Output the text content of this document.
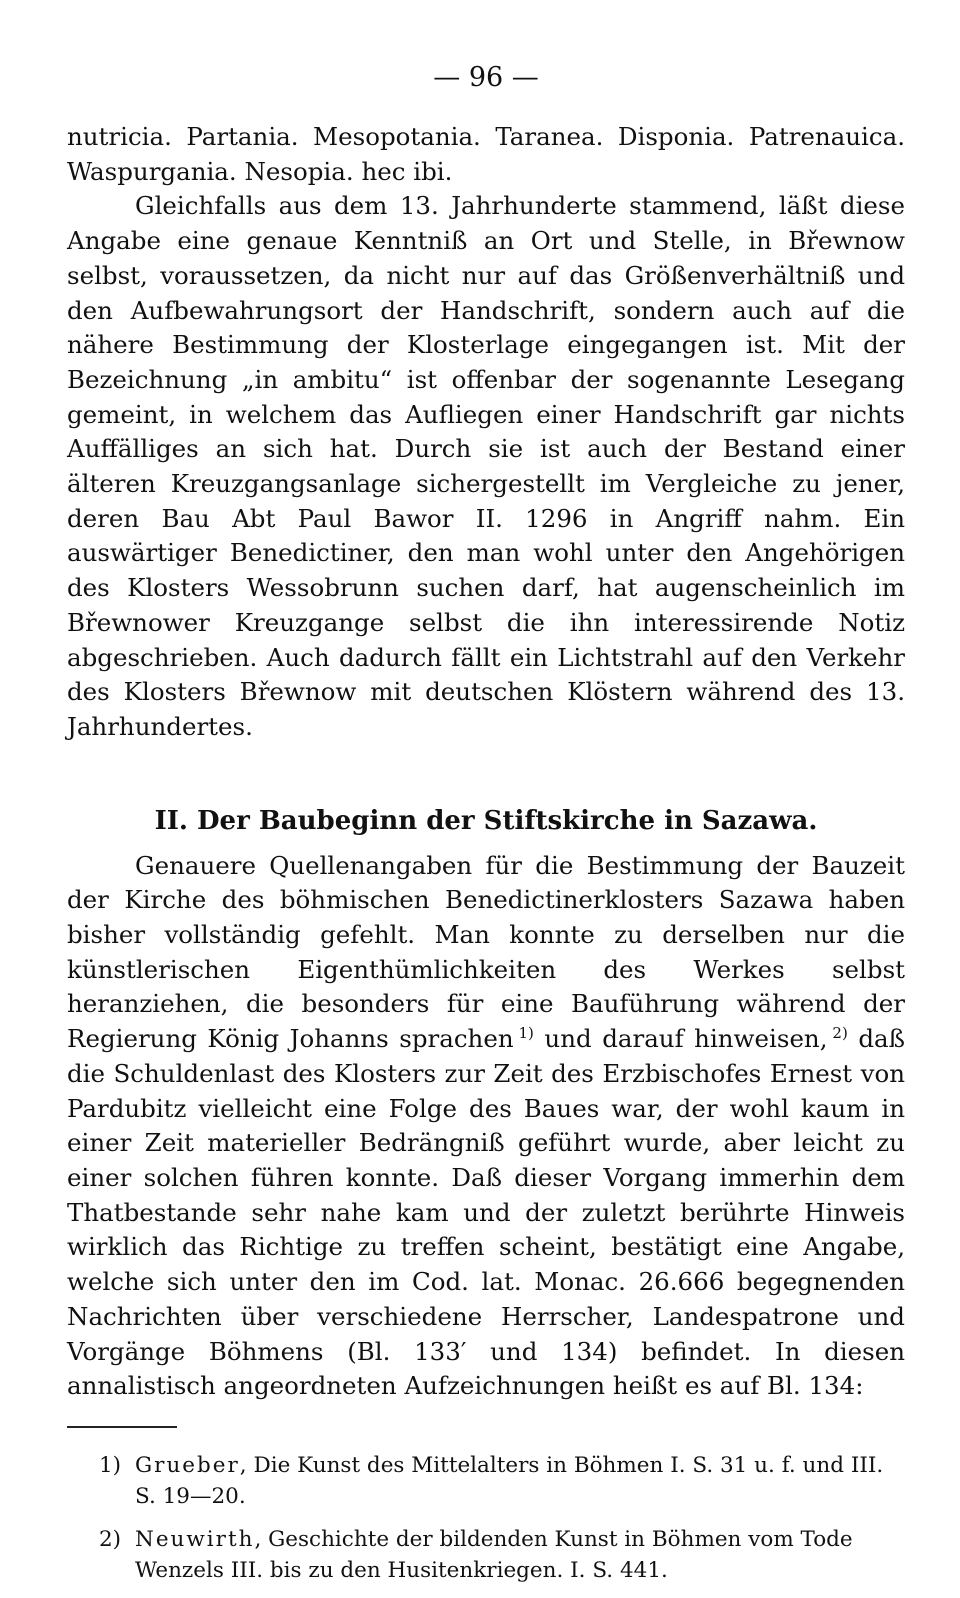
— 96 —

nutricia. Partania. Mesopotania. Taranea. Disponia. Patrenauica. Waspurgania. Nesopia. hec ibi.

Gleichfalls aus dem 13. Jahrhunderte stammend, läßt diese Angabe eine genaue Kenntniß an Ort und Stelle, in Břewnow selbst, voraussetzen, da nicht nur auf das Größenverhältniß und den Aufbewahrungsort der Handschrift, sondern auch auf die nähere Bestimmung der Klosterlage eingegangen ist. Mit der Bezeichnung „in ambitu“ ist offenbar der sogenannte Lesegang gemeint, in welchem das Aufliegen einer Handschrift gar nichts Auffälliges an sich hat. Durch sie ist auch der Bestand einer älteren Kreuzgangsanlage sichergestellt im Vergleiche zu jener, deren Bau Abt Paul Bawor II. 1296 in Angriff nahm. Ein auswärtiger Benedictiner, den man wohl unter den Angehörigen des Klosters Wessobrunn suchen darf, hat augenscheinlich im Břewnower Kreuzgange selbst die ihn interessirende Notiz abgeschrieben. Auch dadurch fällt ein Lichtstrahl auf den Verkehr des Klosters Břewnow mit deutschen Klöstern während des 13. Jahrhundertes.

II. Der Baubeginn der Stiftskirche in Sazawa.

Genauere Quellenangaben für die Bestimmung der Bauzeit der Kirche des böhmischen Benedictinerklosters Sazawa haben bisher vollständig gefehlt. Man konnte zu derselben nur die künstlerischen Eigenthümlichkeiten des Werkes selbst heranziehen, die besonders für eine Bauführung während der Regierung König Johanns sprachen  $^{1)}$ und darauf hinweisen,  $^{2)}$ daß die Schuldenlast des Klosters zur Zeit des Erzbischofes Ernest von Pardubitz vielleicht eine Folge des Baues war, der wohl kaum in einer Zeit materieller Bedrängniß geführt wurde, aber leicht zu einer solchen führen konnte. Daß dieser Vorgang immerhin dem Thatbestande sehr nahe kam und der zuletzt berührte Hinweis wirklich das Richtige zu treffen scheint, bestätigt eine Angabe, welche sich unter den im Cod. lat. Monac. 26.666 begegnenden Nachrichten über verschiedene Herrscher, Landespatrone und Vorgänge Böhmens (Bl. 133′ und 134) befindet. In diesen annalistisch angeordneten Aufzeichnungen heißt es auf Bl. 134:

1) Grueber, Die Kunst des Mittelalters in Böhmen I. S. 31 u. f. und III. S. 19—20.

2) Neuwirth, Geschichte der bildenden Kunst in Böhmen vom Tode Wenzels III. bis zu den Husitenkriegen. I. S. 441.
